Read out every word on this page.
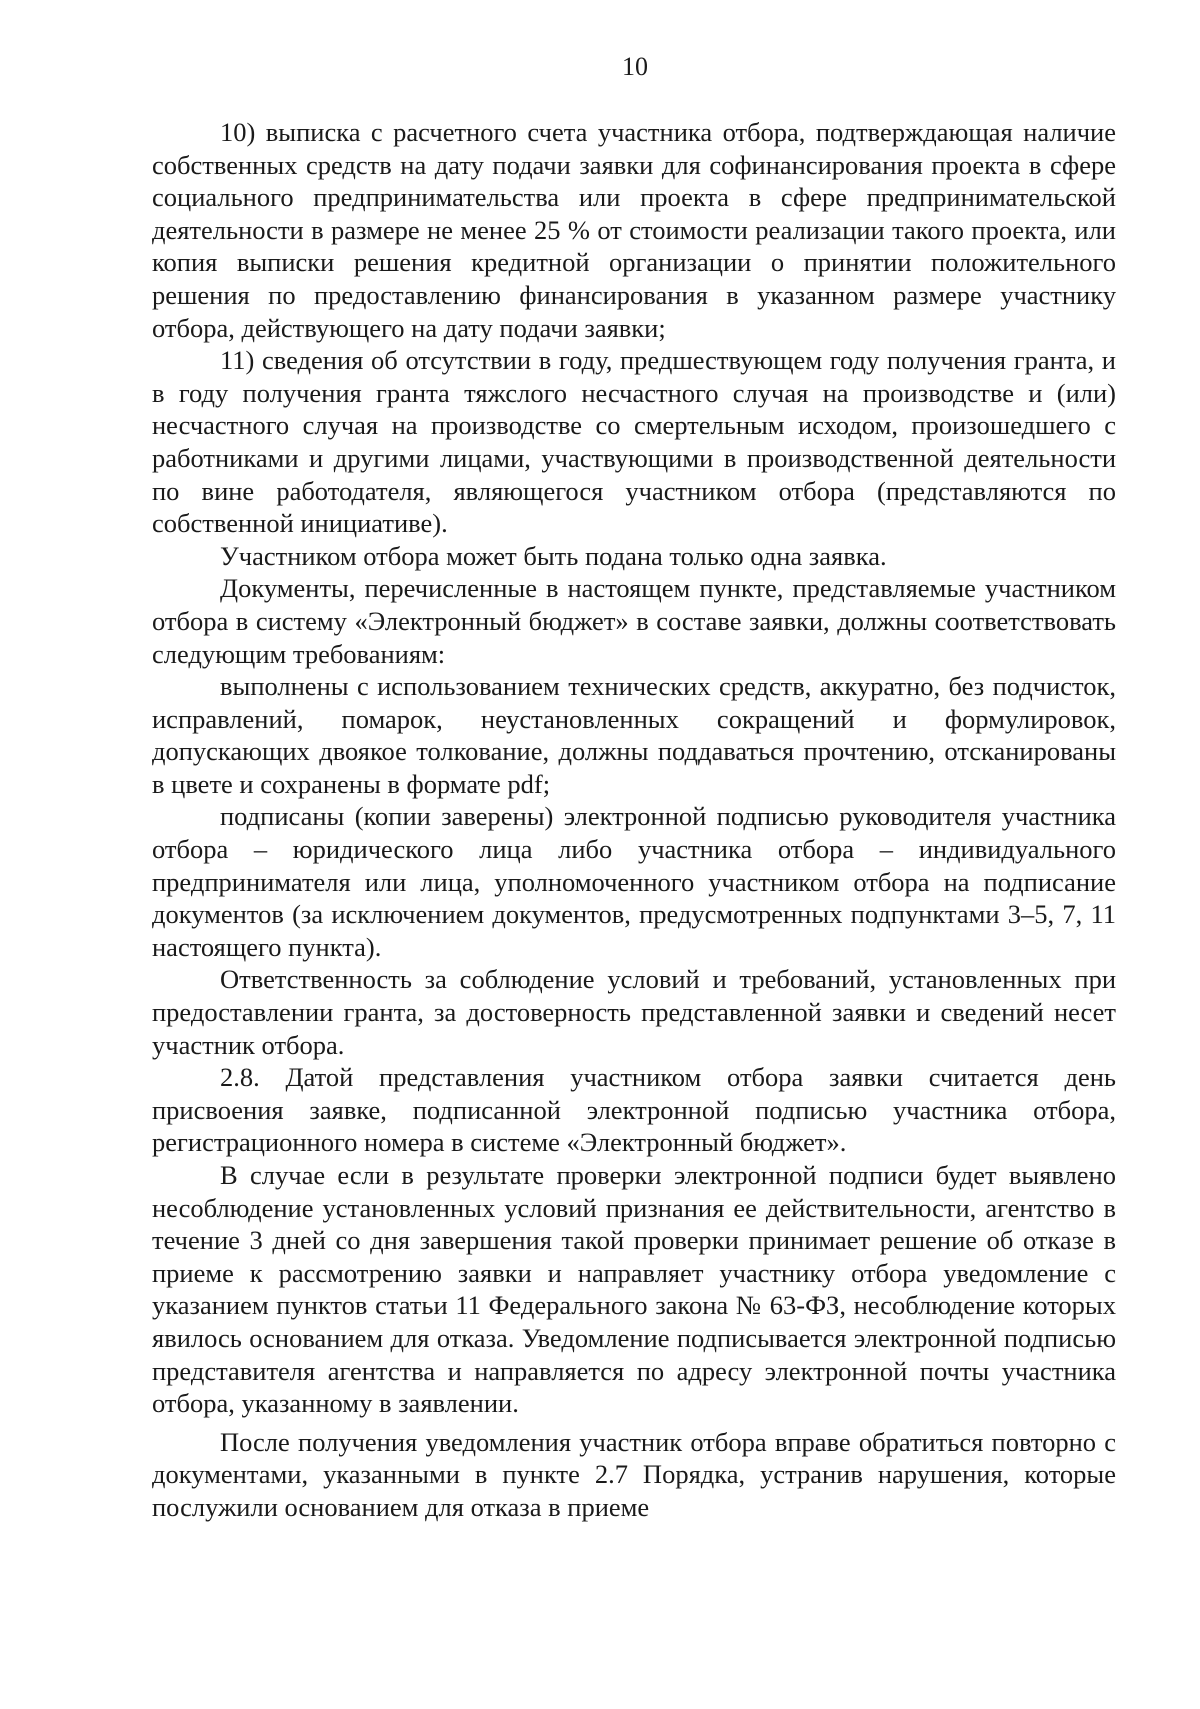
10

10) выписка с расчетного счета участника отбора, подтверждающая наличие собственных средств на дату подачи заявки для софинансирования проекта в сфере социального предпринимательства или проекта в сфере предпринимательской деятельности в размере не менее 25 % от стоимости реализации такого проекта, или копия выписки решения кредитной организации о принятии положительного решения по предоставлению финансирования в указанном размере участнику отбора, действующего на дату подачи заявки;

11) сведения об отсутствии в году, предшествующем году получения гранта, и в году получения гранта тяжслого несчастного случая на производстве и (или) несчастного случая на производстве со смертельным исходом, произошедшего с работниками и другими лицами, участвующими в производственной деятельности по вине работодателя, являющегося участником отбора (представляются по собственной инициативе).

Участником отбора может быть подана только одна заявка.

Документы, перечисленные в настоящем пункте, представляемые участником отбора в систему «Электронный бюджет» в составе заявки, должны соответствовать следующим требованиям:

выполнены с использованием технических средств, аккуратно, без подчисток, исправлений, помарок, неустановленных сокращений и формулировок, допускающих двоякое толкование, должны поддаваться прочтению, отсканированы в цвете и сохранены в формате pdf;

подписаны (копии заверены) электронной подписью руководителя участника отбора – юридического лица либо участника отбора – индивидуального предпринимателя или лица, уполномоченного участником отбора на подписание документов (за исключением документов, предусмотренных подпунктами 3–5, 7, 11 настоящего пункта).

Ответственность за соблюдение условий и требований, установленных при предоставлении гранта, за достоверность представленной заявки и сведений несет участник отбора.

2.8. Датой представления участником отбора заявки считается день присвоения заявке, подписанной электронной подписью участника отбора, регистрационного номера в системе «Электронный бюджет».

В случае если в результате проверки электронной подписи будет выявлено несоблюдение установленных условий признания ее действительности, агентство в течение 3 дней со дня завершения такой проверки принимает решение об отказе в приеме к рассмотрению заявки и направляет участнику отбора уведомление с указанием пунктов статьи 11 Федерального закона № 63-ФЗ, несоблюдение которых явилось основанием для отказа. Уведомление подписывается электронной подписью представителя агентства и направляется по адресу электронной почты участника отбора, указанному в заявлении.

После получения уведомления участник отбора вправе обратиться повторно с документами, указанными в пункте 2.7 Порядка, устранив нарушения, которые послужили основанием для отказа в приеме
